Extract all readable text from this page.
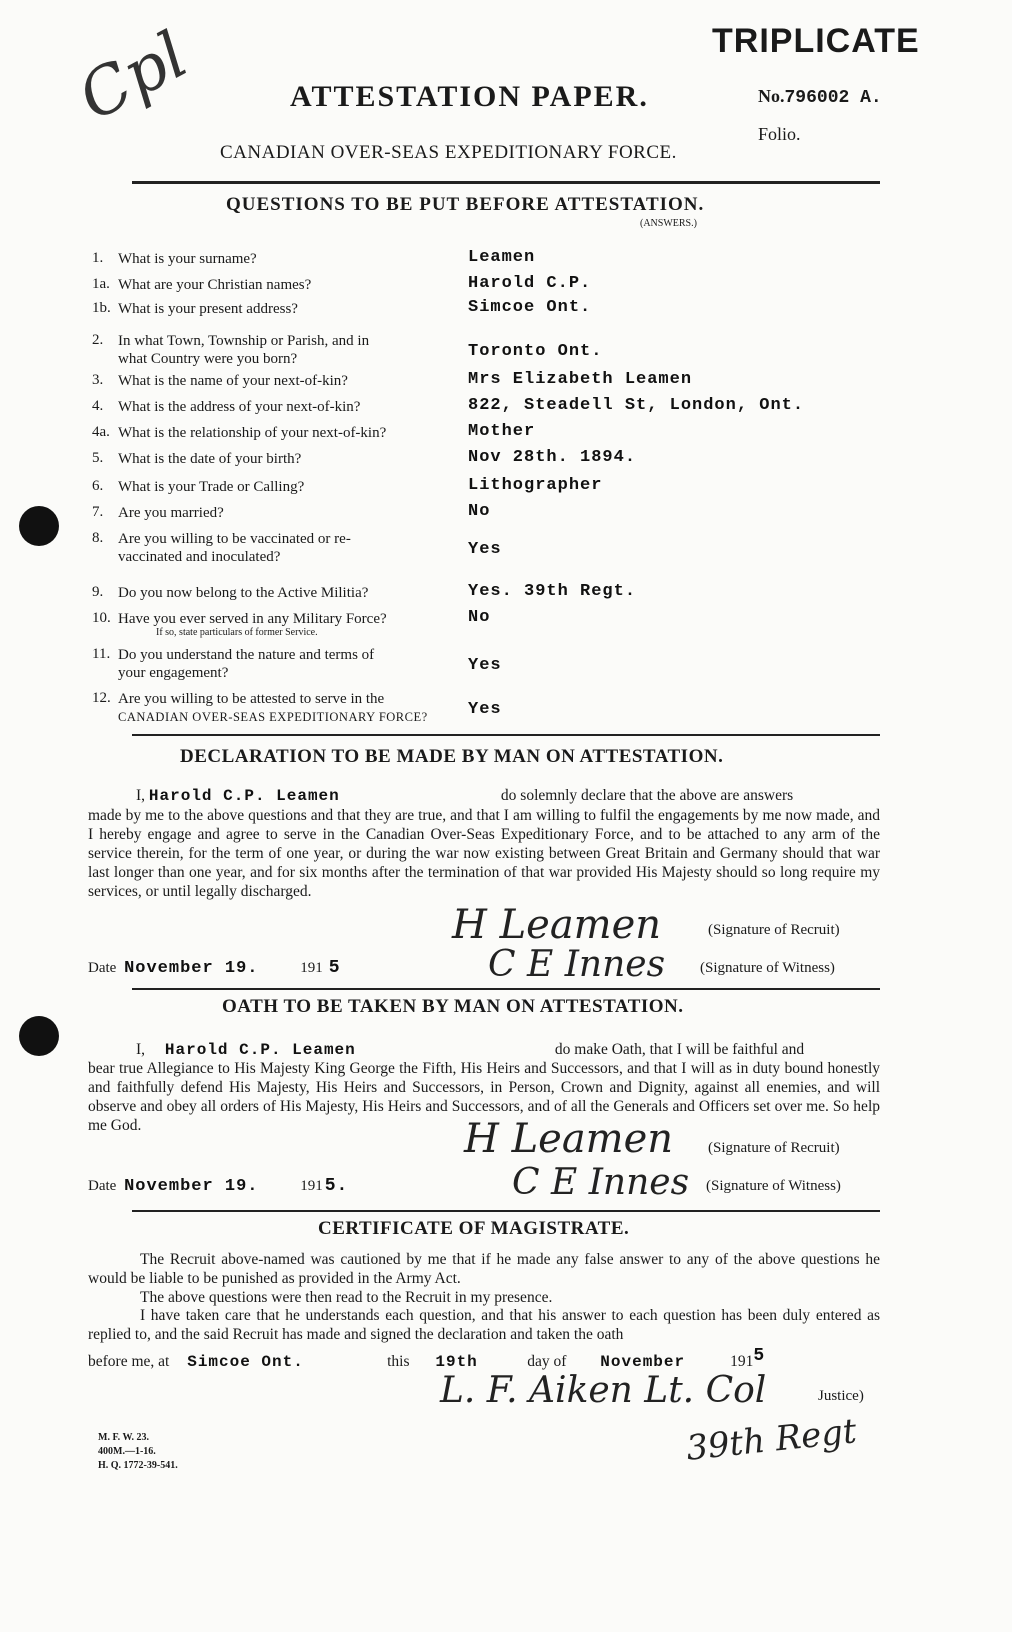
Cpl	TRIPLICATE
No.796002 A.
Folio.
ATTESTATION PAPER.
CANADIAN OVER-SEAS EXPEDITIONARY FORCE.
QUESTIONS TO BE PUT BEFORE ATTESTATION.
(ANSWERS.)
1. What is your surname?	Leamen
1a. What are your Christian names?	Harold C.P.
1b. What is your present address?	Simcoe Ont.
2. In what Town, Township or Parish, and in
what Country were you born?	Toronto Ont.
3. What is the name of your next-of-kin?	Mrs Elizabeth Leamen
4. What is the address of your next-of-kin?	822, Steadell St, London, Ont.
4a. What is the relationship of your next-of-kin?	Mother
5. What is the date of your birth?	Nov 28th. 1894.
6. What is your Trade or Calling?	Lithographer
7. Are you married?	No
8. Are you willing to be vaccinated or re-
vaccinated and inoculated?	Yes
9. Do you now belong to the Active Militia?	Yes. 39th Regt.
10. Have you ever served in any Military Force?
If so, state particulars of former Service.
No
11. Do you understand the nature and terms of
your engagement?	Yes
12. Are you willing to be attested to serve in the
CANADIAN OVER-SEAS EXPEDITIONARY FORCE? Yes
DECLARATION TO BE MADE BY MAN ON ATTESTATION.
I, Harold C.P. Leamen	do solemnly declare that the above are answers
made by me to the above questions and that they are true, and that I am willing to fulfil the engagements by me now made, and I hereby engage and agree to serve in the Canadian Over-Seas Expeditionary Force, and to be attached to any arm of the service therein, for the term of one year, or during the war now existing between Great Britain and Germany should that war last longer than one year, and for six months after the termination of that war provided His Majesty should so long require my services, or until legally discharged.
H Leamen	(Signature of Recruit)
Date November 19.	191 5	C E Innes (Signature of Witness)
OATH TO BE TAKEN BY MAN ON ATTESTATION.
I, Harold C.P. Leamen	do make Oath, that I will be faithful and
bear true Allegiance to His Majesty King George the Fifth, His Heirs and Successors, and that I will as in duty bound honestly and faithfully defend His Majesty, His Heirs and Successors, in Person, Crown and Dignity, against all enemies, and will observe and obey all orders of His Majesty, His Heirs and Successors, and of all the Generals and Officers set over me. So help me God.	H Leamen (Signature of Recruit)
Date November 19.	191 5.	C E Innes (Signature of Witness)
CERTIFICATE OF MAGISTRATE.
The Recruit above-named was cautioned by me that if he made any false answer to any of the above questions he would be liable to be punished as provided in the Army Act.
The above questions were then read to the Recruit in my presence.
I have taken care that he understands each question, and that his answer to each question has been duly entered as replied to, and the said Recruit has made and signed the declaration and taken the oath
before me, at Simcoe Ont.	this 19th	day of November	1915
L. F. Aiken Lt. Col	Justice)
39th Regt
M. F. W. 23.
400M.—1-16.
H. Q. 1772-39-541.
